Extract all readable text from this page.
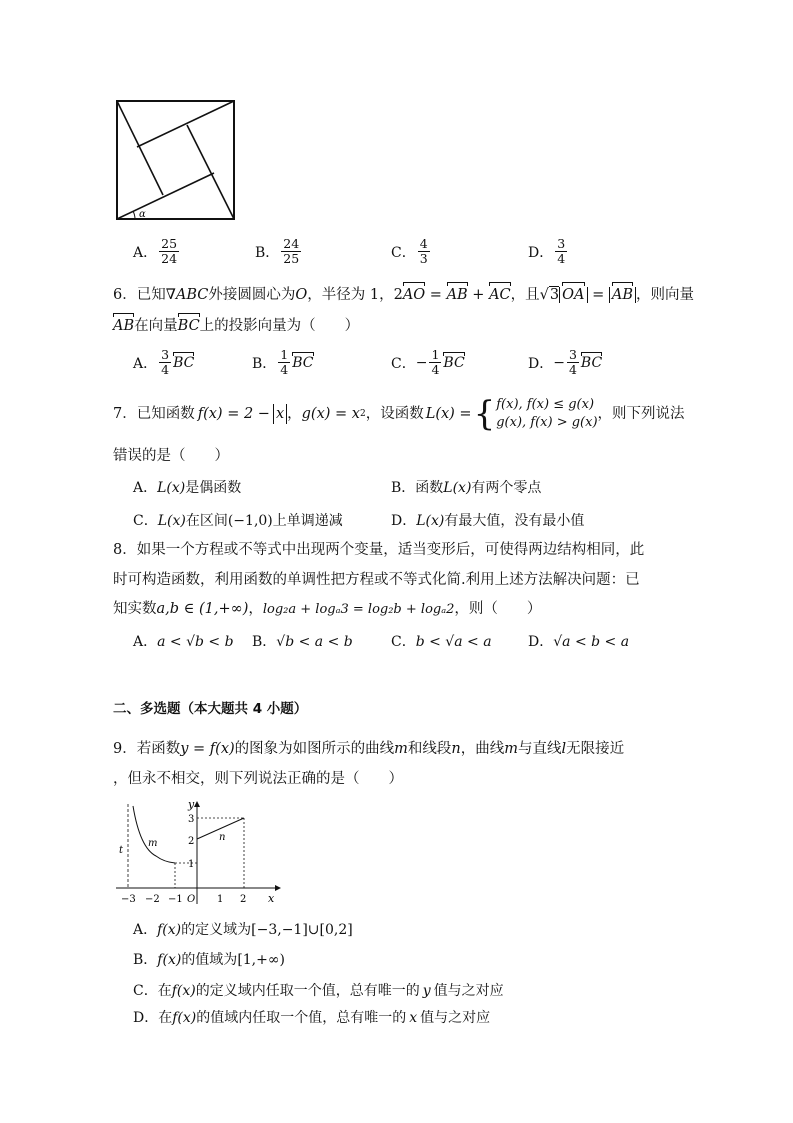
α
A． $\frac{25}{24}$	B． $\frac{24}{25}$	C． $\frac{4}{3}$	D． $\frac{3}{4}$
6．已知∇ABC外接圆圆心为O，半径为 1，2AO = AB + AC，且√3 OA = AB ，则向量
AB在向量BC上的投影向量为（　　）
A． $\frac{3}{4}$ BC	B． $\frac{1}{4}$ BC	C． − $\frac{1}{4}$ BC	D． − $\frac{3}{4}$ BC
7． 已知函数 f(x) = 2 − x ， g(x) = x 2 ，设函数 L(x) = { f(x), f(x) ≤ g(x)
g(x), f(x) > g(x)
，则下列说法
错误的是（　　）
A．L(x)是偶函数	B．函数L(x)有两个零点
C．L(x)在区间(−1,0)上单调递减	D．L(x)有最大值，没有最小值
8．如果一个方程或不等式中出现两个变量，适当变形后，可使得两边结构相同，此
时可构造函数，利用函数的单调性把方程或不等式化简.利用上述方法解决问题：已
知实数a,b ∈ (1,+∞)，log₂a + logₐ3 = log₂b + logₐ2，则（　　）
A．a < √b < b B．√b < a < b	C．b < √a < a	D．√a < b < a
二、多选题（本大题共 4 小题）
9．若函数y = f(x)的图象为如图所示的曲线m和线段n，曲线m与直线l无限接近
，但永不相交，则下列说法正确的是（　　）
y
x
O
t
m
n
−3 −2 −1	1 2
1
2
3
A．f(x)的定义域为[−3,−1]∪[0,2]
B．f(x)的值域为[1,+∞)
C．在f(x)的定义域内任取一个值，总有唯一的 y 值与之对应
D．在f(x)的值域内任取一个值，总有唯一的 x 值与之对应
